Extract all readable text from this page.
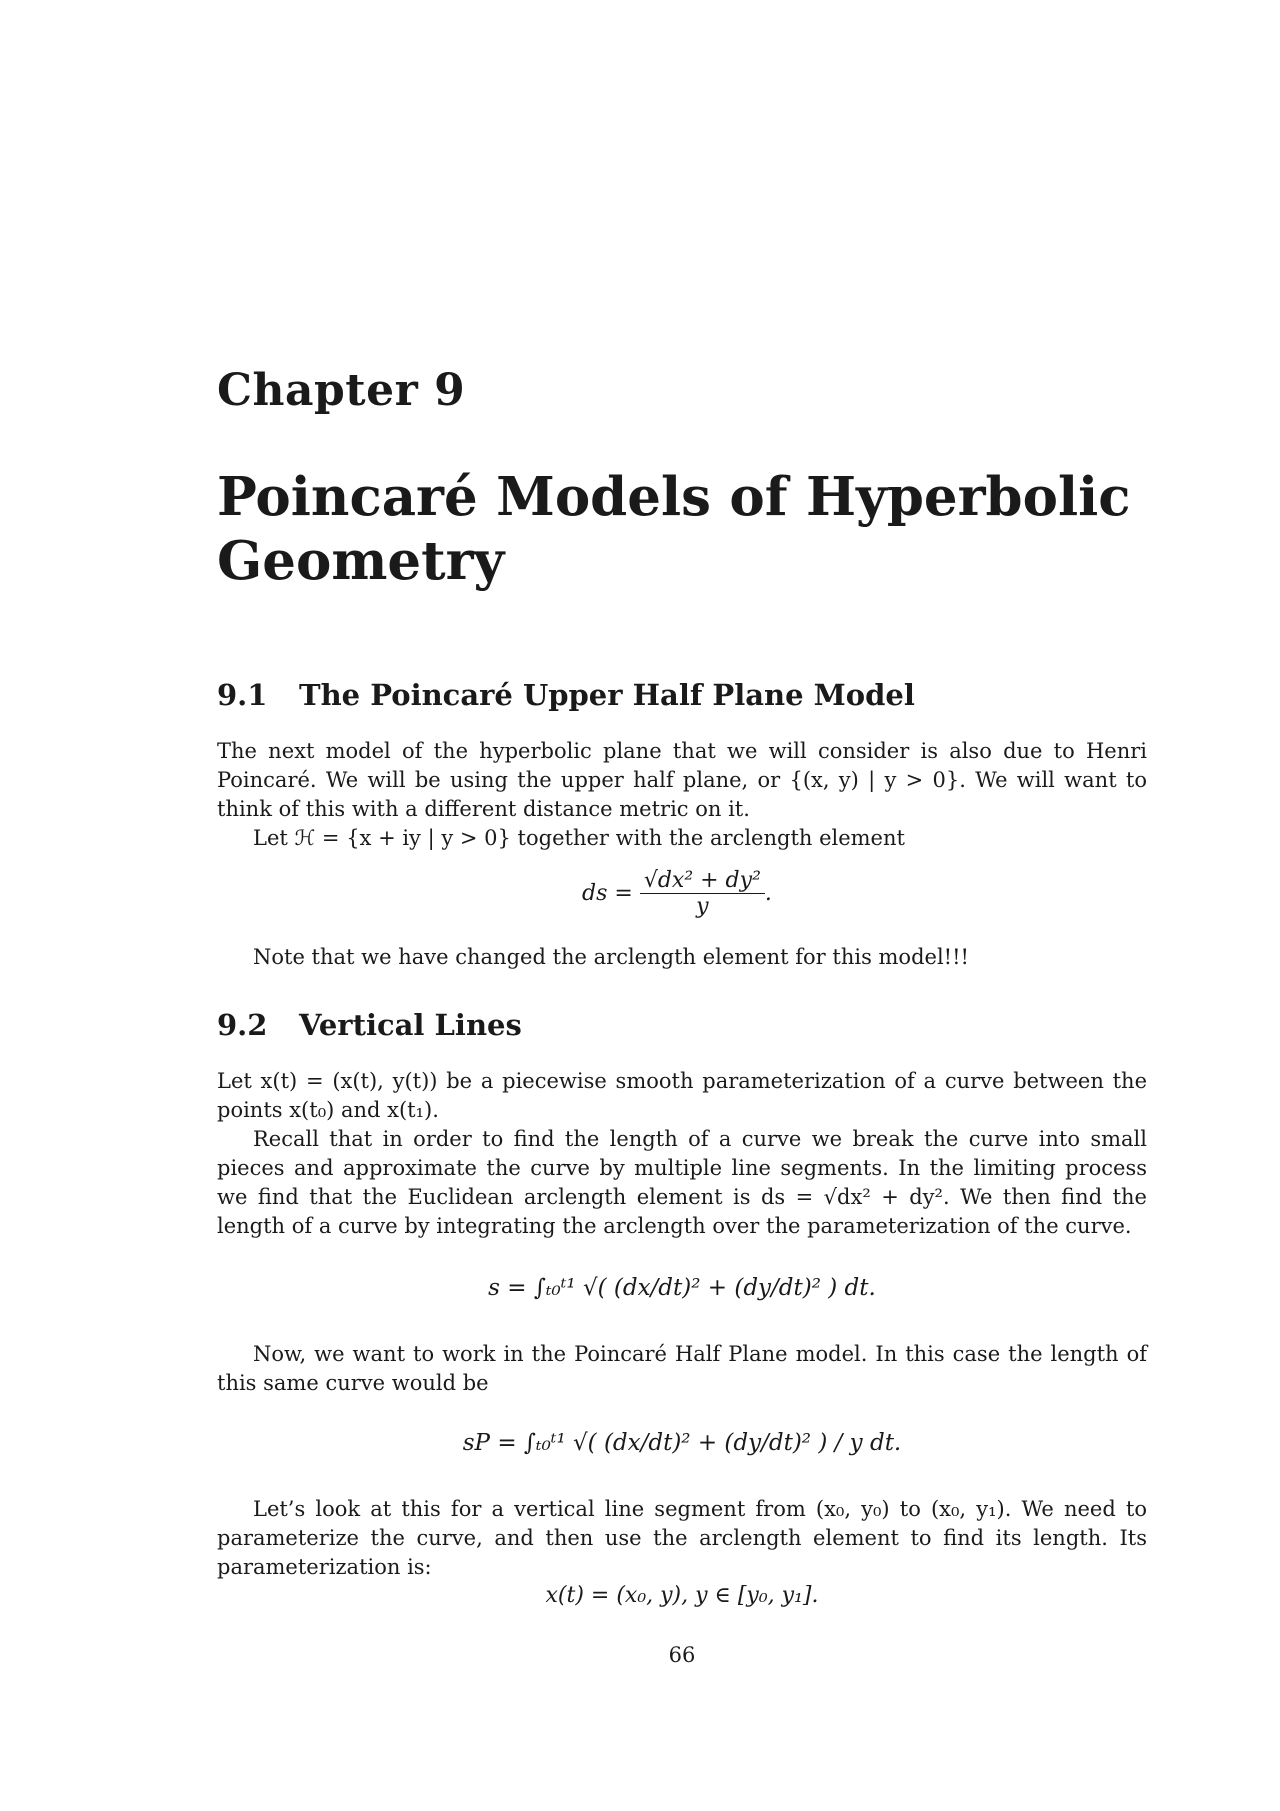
Chapter 9
Poincaré Models of Hyperbolic Geometry
9.1 The Poincaré Upper Half Plane Model
The next model of the hyperbolic plane that we will consider is also due to Henri Poincaré. We will be using the upper half plane, or {(x, y) | y > 0}. We will want to think of this with a different distance metric on it.
Let ℋ = {x + iy | y > 0} together with the arclength element
ds = $\frac{\text{√dx² + dy²}}{y}$ .
Note that we have changed the arclength element for this model!!!
9.2 Vertical Lines
Let x(t) = (x(t), y(t)) be a piecewise smooth parameterization of a curve between the points x(t₀) and x(t₁).
Recall that in order to find the length of a curve we break the curve into small pieces and approximate the curve by multiple line segments. In the limiting process we find that the Euclidean arclength element is ds = √dx² + dy². We then find the length of a curve by integrating the arclength over the parameterization of the curve.
s = ∫ₜ₀ᵗ¹ √( (dx/dt)² + (dy/dt)² ) dt.
Now, we want to work in the Poincaré Half Plane model. In this case the length of this same curve would be
sP = ∫ₜ₀ᵗ¹ √( (dx/dt)² + (dy/dt)² ) / y dt.
Let’s look at this for a vertical line segment from (x₀, y₀) to (x₀, y₁). We need to parameterize the curve, and then use the arclength element to find its length. Its parameterization is:
x(t) = (x₀, y), y ∈ [y₀, y₁].
66
